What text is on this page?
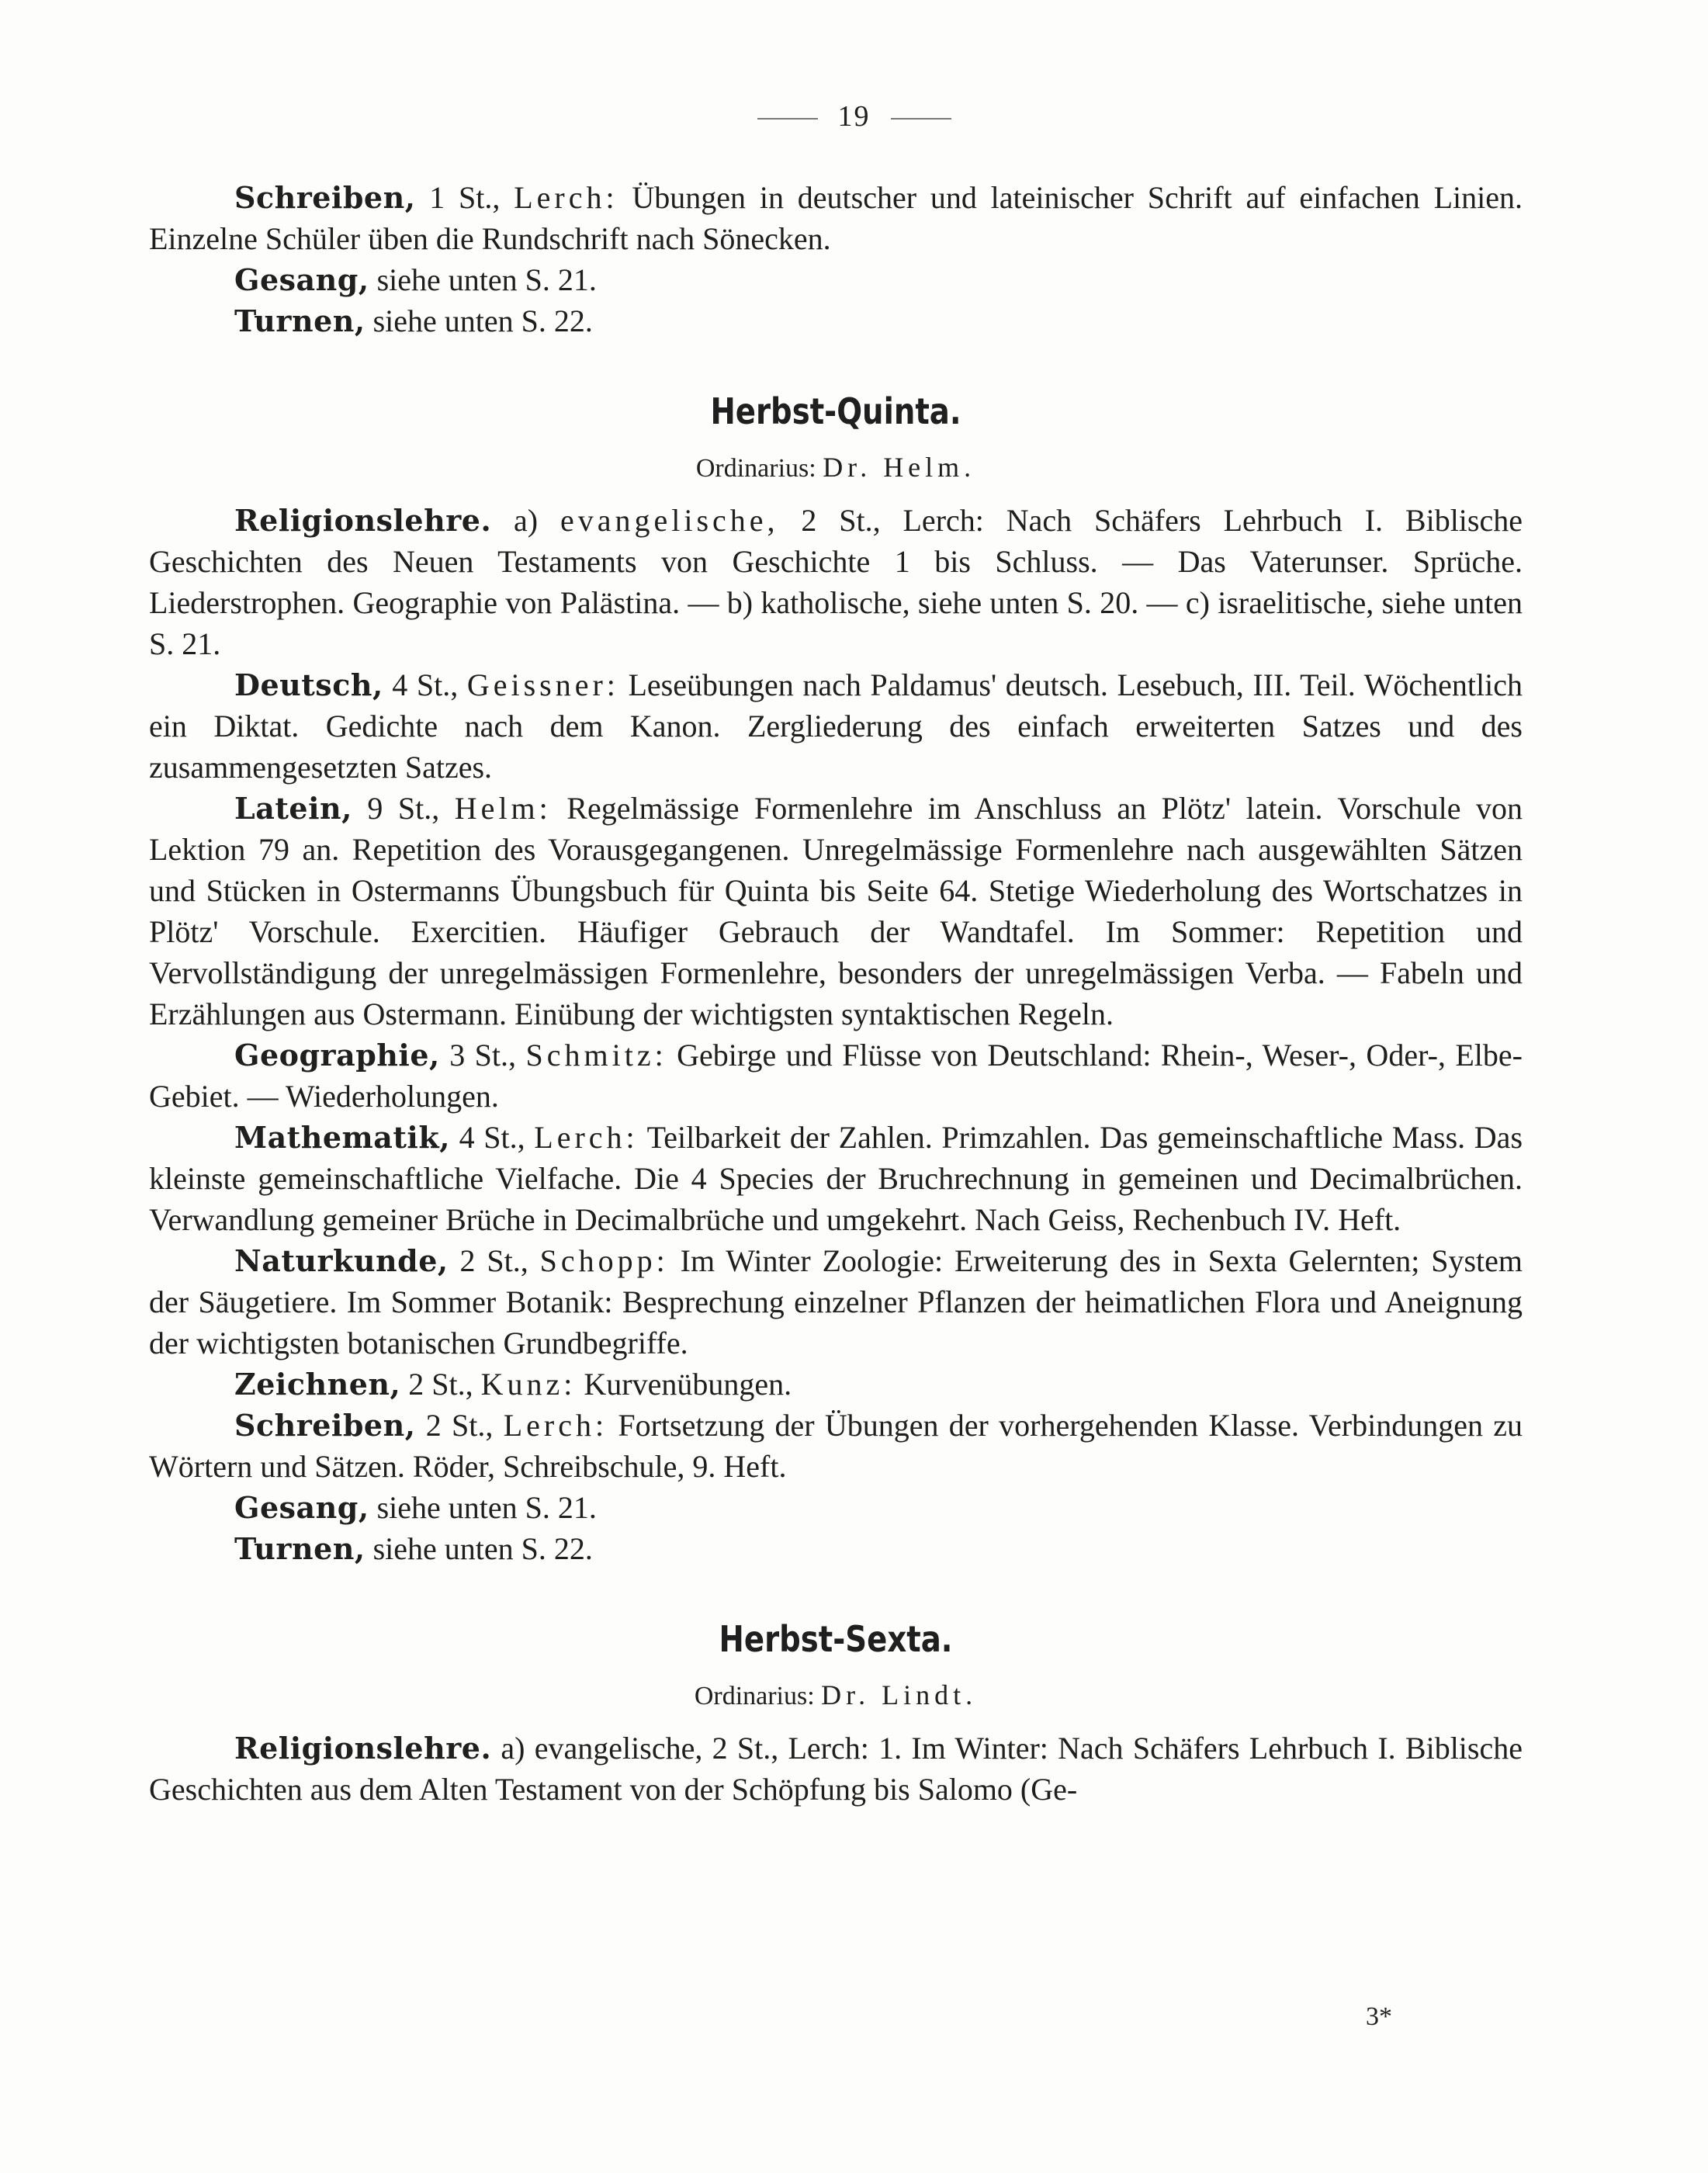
19

Schreiben, 1 St., Lerch: Übungen in deutscher und lateinischer Schrift auf einfachen Linien. Einzelne Schüler üben die Rundschrift nach Sönecken.

Gesang, siehe unten S. 21.

Turnen, siehe unten S. 22.

Herbst-Quinta.
Ordinarius: Dr. Helm.

Religionslehre. a) evangelische, 2 St., Lerch: Nach Schäfers Lehrbuch I. Biblische Geschichten des Neuen Testaments von Geschichte 1 bis Schluss. — Das Vaterunser. Sprüche. Liederstrophen. Geographie von Palästina. — b) katholische, siehe unten S. 20. — c) israelitische, siehe unten S. 21.

Deutsch, 4 St., Geissner: Leseübungen nach Paldamus' deutsch. Lesebuch, III. Teil. Wöchentlich ein Diktat. Gedichte nach dem Kanon. Zergliederung des einfach erweiterten Satzes und des zusammengesetzten Satzes.

Latein, 9 St., Helm: Regelmässige Formenlehre im Anschluss an Plötz' latein. Vorschule von Lektion 79 an. Repetition des Vorausgegangenen. Unregelmässige Formenlehre nach ausgewählten Sätzen und Stücken in Ostermanns Übungsbuch für Quinta bis Seite 64. Stetige Wiederholung des Wortschatzes in Plötz' Vorschule. Exercitien. Häufiger Gebrauch der Wandtafel. Im Sommer: Repetition und Vervollständigung der unregelmässigen Formenlehre, besonders der unregelmässigen Verba. — Fabeln und Erzählungen aus Ostermann. Einübung der wichtigsten syntaktischen Regeln.

Geographie, 3 St., Schmitz: Gebirge und Flüsse von Deutschland: Rhein-, Weser-, Oder-, Elbe-Gebiet. — Wiederholungen.

Mathematik, 4 St., Lerch: Teilbarkeit der Zahlen. Primzahlen. Das gemeinschaftliche Mass. Das kleinste gemeinschaftliche Vielfache. Die 4 Species der Bruchrechnung in gemeinen und Decimalbrüchen. Verwandlung gemeiner Brüche in Decimalbrüche und umgekehrt. Nach Geiss, Rechenbuch IV. Heft.

Naturkunde, 2 St., Schopp: Im Winter Zoologie: Erweiterung des in Sexta Gelernten; System der Säugetiere. Im Sommer Botanik: Besprechung einzelner Pflanzen der heimatlichen Flora und Aneignung der wichtigsten botanischen Grundbegriffe.

Zeichnen, 2 St., Kunz: Kurvenübungen.

Schreiben, 2 St., Lerch: Fortsetzung der Übungen der vorhergehenden Klasse. Verbindungen zu Wörtern und Sätzen. Röder, Schreibschule, 9. Heft.

Gesang, siehe unten S. 21.

Turnen, siehe unten S. 22.

Herbst-Sexta.
Ordinarius: Dr. Lindt.

Religionslehre. a) evangelische, 2 St., Lerch: 1. Im Winter: Nach Schäfers Lehrbuch I. Biblische Geschichten aus dem Alten Testament von der Schöpfung bis Salomo (Ge-

3*
